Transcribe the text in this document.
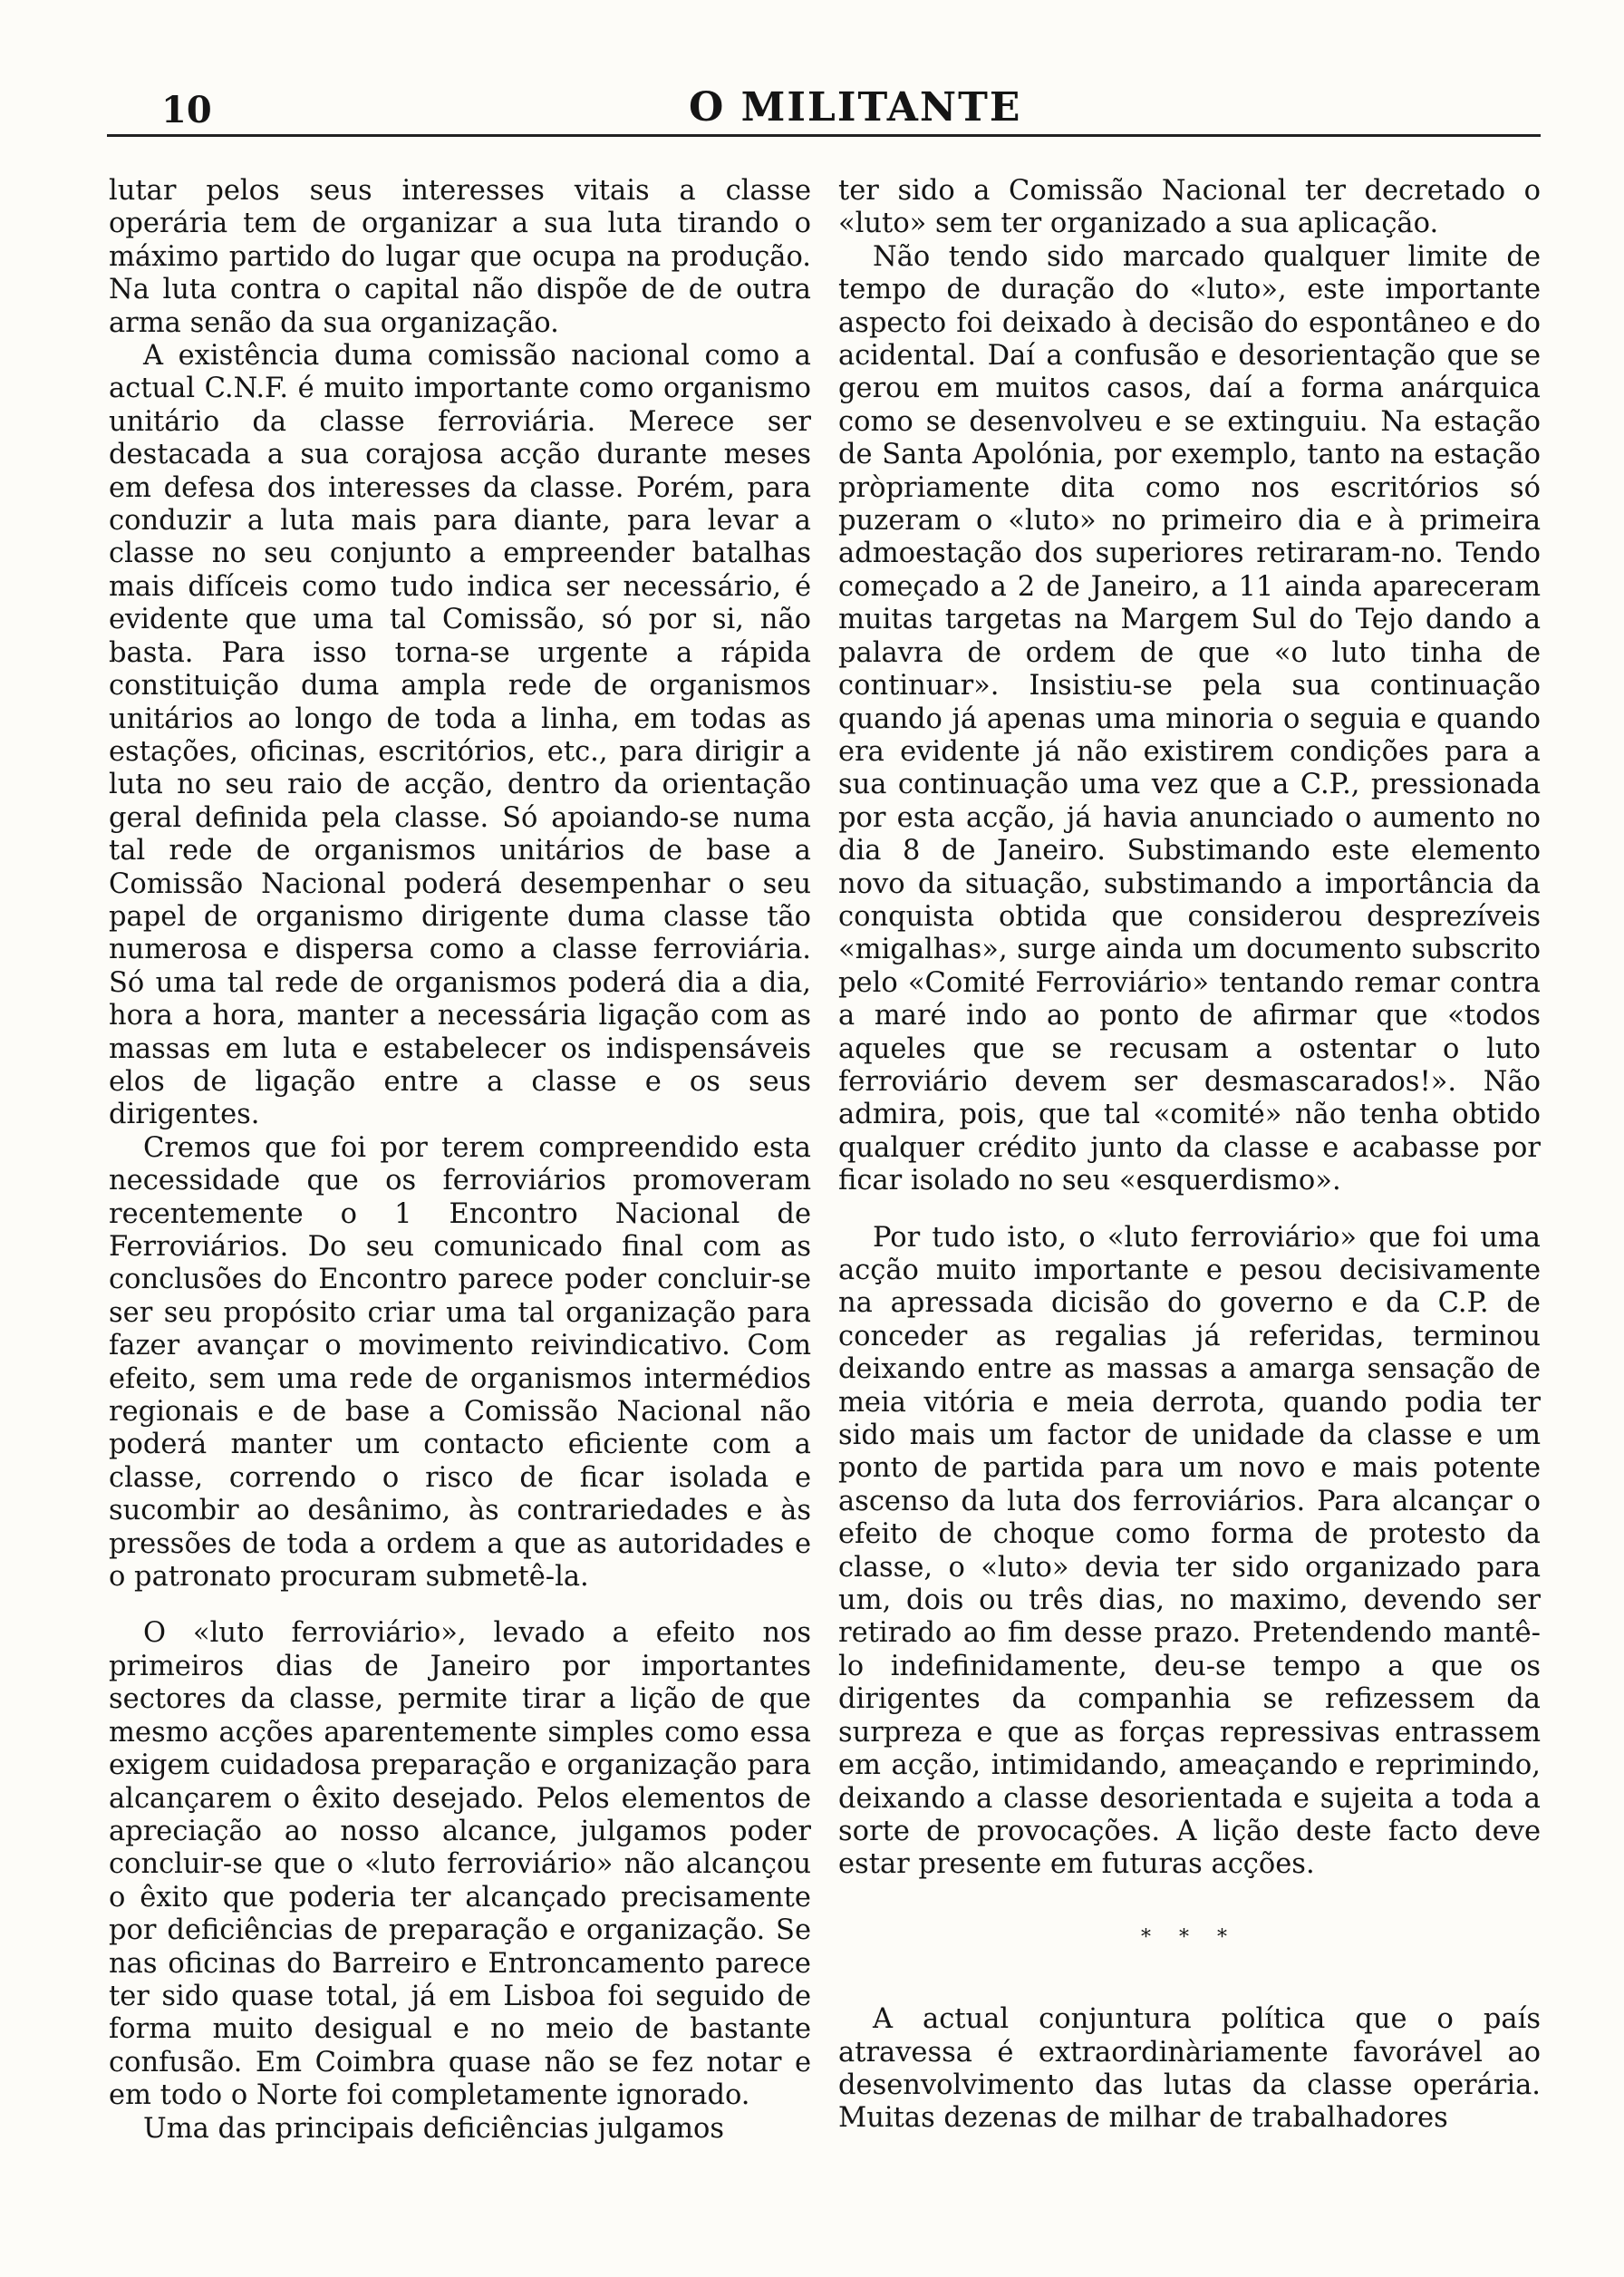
10	O MILITANTE

lutar pelos seus interesses vitais a classe operária tem de organizar a sua luta tirando o máximo partido do lugar que ocupa na produção. Na luta contra o capital não dispõe de de outra arma senão da sua organização.

A existência duma comissão nacional como a actual C.N.F. é muito importante como organismo unitário da classe ferroviária. Merece ser destacada a sua corajosa acção durante meses em defesa dos interesses da classe. Porém, para conduzir a luta mais para diante, para levar a classe no seu conjunto a empreender batalhas mais difíceis como tudo indica ser necessário, é evidente que uma tal Comissão, só por si, não basta. Para isso torna-se urgente a rápida constituição duma ampla rede de organismos unitários ao longo de toda a linha, em todas as estações, oficinas, escritórios, etc., para dirigir a luta no seu raio de acção, dentro da orientação geral definida pela classe. Só apoiando-se numa tal rede de organismos unitários de base a Comissão Nacional poderá desempenhar o seu papel de organismo dirigente duma classe tão numerosa e dispersa como a classe ferroviária. Só uma tal rede de organismos poderá dia a dia, hora a hora, manter a necessária ligação com as massas em luta e estabelecer os indispensáveis elos de ligação entre a classe e os seus dirigentes.

Cremos que foi por terem compreendido esta necessidade que os ferroviários promoveram recentemente o 1 Encontro Nacional de Ferroviários. Do seu comunicado final com as conclusões do Encontro parece poder concluir-se ser seu propósito criar uma tal organização para fazer avançar o movimento reivindicativo. Com efeito, sem uma rede de organismos intermédios regionais e de base a Comissão Nacional não poderá manter um contacto eficiente com a classe, correndo o risco de ficar isolada e sucombir ao desânimo, às contrariedades e às pressões de toda a ordem a que as autoridades e o patronato procuram submetê-la.

O «luto ferroviário», levado a efeito nos primeiros dias de Janeiro por importantes sectores da classe, permite tirar a lição de que mesmo acções aparentemente simples como essa exigem cuidadosa preparação e organização para alcançarem o êxito desejado. Pelos elementos de apreciação ao nosso alcance, julgamos poder concluir-se que o «luto ferroviário» não alcançou o êxito que poderia ter alcançado precisamente por deficiências de preparação e organização. Se nas oficinas do Barreiro e Entroncamento parece ter sido quase total, já em Lisboa foi seguido de forma muito desigual e no meio de bastante confusão. Em Coimbra quase não se fez notar e em todo o Norte foi completamente ignorado.

Uma das principais deficiências julgamos

ter sido a Comissão Nacional ter decretado o «luto» sem ter organizado a sua aplicação.

Não tendo sido marcado qualquer limite de tempo de duração do «luto», este importante aspecto foi deixado à decisão do espontâneo e do acidental. Daí a confusão e desorientação que se gerou em muitos casos, daí a forma anárquica como se desenvolveu e se extinguiu. Na estação de Santa Apolónia, por exemplo, tanto na estação pròpriamente dita como nos escritórios só puzeram o «luto» no primeiro dia e à primeira admoestação dos superiores retiraram-no. Tendo começado a 2 de Janeiro, a 11 ainda apareceram muitas targetas na Margem Sul do Tejo dando a palavra de ordem de que «o luto tinha de continuar». Insistiu-se pela sua continuação quando já apenas uma minoria o seguia e quando era evidente já não existirem condições para a sua continuação uma vez que a C.P., pressionada por esta acção, já havia anunciado o aumento no dia 8 de Janeiro. Substimando este elemento novo da situação, substimando a importância da conquista obtida que considerou desprezíveis «migalhas», surge ainda um documento subscrito pelo «Comité Ferroviário» tentando remar contra a maré indo ao ponto de afirmar que «todos aqueles que se recusam a ostentar o luto ferroviário devem ser desmascarados!». Não admira, pois, que tal «comité» não tenha obtido qualquer crédito junto da classe e acabasse por ficar isolado no seu «esquerdismo».

Por tudo isto, o «luto ferroviário» que foi uma acção muito importante e pesou decisivamente na apressada dicisão do governo e da C.P. de conceder as regalias já referidas, terminou deixando entre as massas a amarga sensação de meia vitória e meia derrota, quando podia ter sido mais um factor de unidade da classe e um ponto de partida para um novo e mais potente ascenso da luta dos ferroviários. Para alcançar o efeito de choque como forma de protesto da classe, o «luto» devia ter sido organizado para um, dois ou três dias, no maximo, devendo ser retirado ao fim desse prazo. Pretendendo mantê-lo indefinidamente, deu-se tempo a que os dirigentes da companhia se refizessem da surpreza e que as forças repressivas entrassem em acção, intimidando, ameaçando e reprimindo, deixando a classe desorientada e sujeita a toda a sorte de provocações. A lição deste facto deve estar presente em futuras acções.

* * *

A actual conjuntura política que o país atravessa é extraordinàriamente favorável ao desenvolvimento das lutas da classe operária. Muitas dezenas de milhar de trabalhadores
